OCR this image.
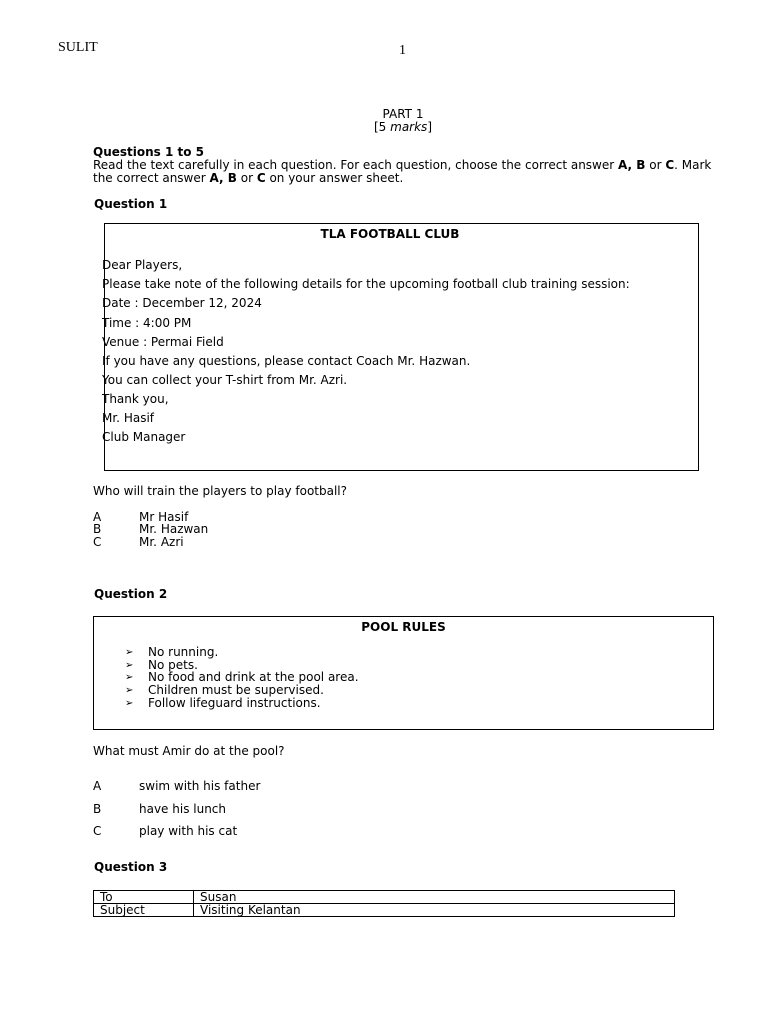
SULIT	1
PART 1
[5 marks]
Questions 1 to 5
Read the text carefully in each question. For each question, choose the correct answer A, B or C. Mark
the correct answer A, B or C on your answer sheet.
Question 1
TLA FOOTBALL CLUB
Dear Players,
Please take note of the following details for the upcoming football club training session:
Date : December 12, 2024
Time : 4:00 PM
Venue : Permai Field
If you have any questions, please contact Coach Mr. Hazwan.
You can collect your T-shirt from Mr. Azri.
Thank you,
Mr. Hasif
Club Manager
Who will train the players to play football?
A	Mr Hasif
B	Mr. Hazwan
C	Mr. Azri
Question 2
POOL RULES
➢ No running.
➢ No pets.
➢ No food and drink at the pool area.
➢ Children must be supervised.
➢ Follow lifeguard instructions.
What must Amir do at the pool?
A	swim with his father
B	have his lunch
C	play with his cat
Question 3
To	Susan
Subject	Visiting Kelantan
